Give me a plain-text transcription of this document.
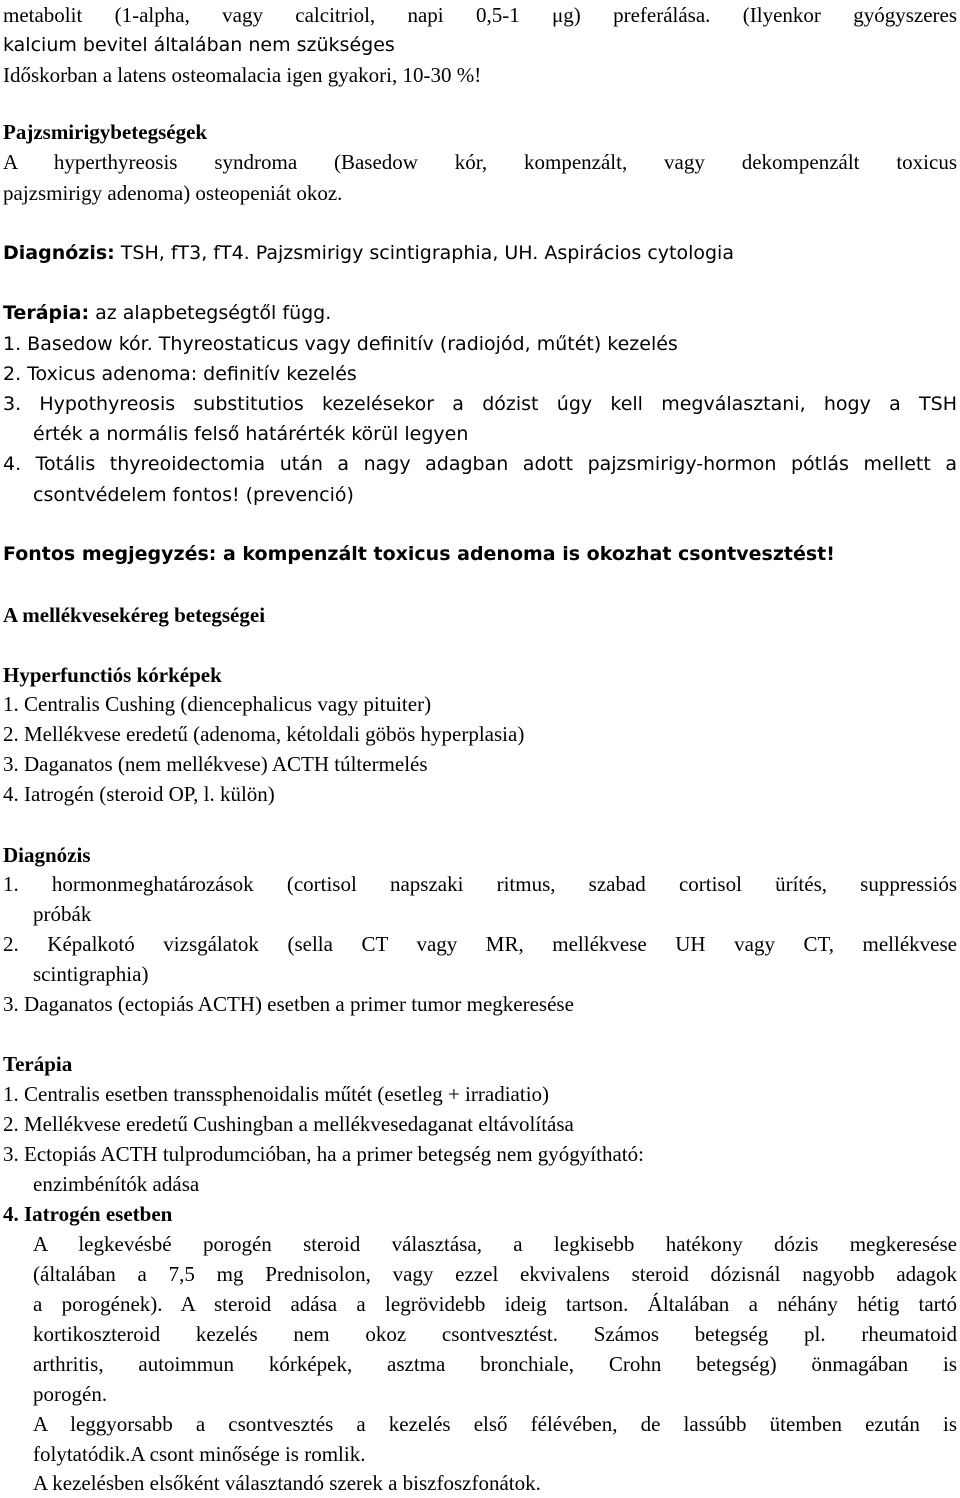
metabolit (1-alpha, vagy calcitriol, napi 0,5-1 μg) preferálása. (Ilyenkor gyógyszeres
kalcium bevitel általában nem szükséges
Időskorban a latens osteomalacia igen gyakori, 10-30 %!
Pajzsmirigybetegségek
A hyperthyreosis syndroma (Basedow kór, kompenzált, vagy dekompenzált toxicus
pajzsmirigy adenoma) osteopeniát okoz.
Diagnózis: TSH, fT3, fT4. Pajzsmirigy scintigraphia, UH. Aspirácios cytologia
Terápia: az alapbetegségtől függ.
1. Basedow kór. Thyreostaticus vagy definitív (radiojód, műtét) kezelés
2. Toxicus adenoma: definitív kezelés
3. Hypothyreosis substitutios kezelésekor a dózist úgy kell megválasztani, hogy a TSH
érték a normális felső határérték körül legyen
4. Totális thyreoidectomia után a nagy adagban adott pajzsmirigy-hormon pótlás mellett a
csontvédelem fontos! (prevenció)
Fontos megjegyzés: a kompenzált toxicus adenoma is okozhat csontvesztést!
A mellékvesekéreg betegségei
Hyperfunctiós kórképek
1. Centralis Cushing (diencephalicus vagy pituiter)
2. Mellékvese eredetű (adenoma, kétoldali göbös hyperplasia)
3. Daganatos (nem mellékvese) ACTH túltermelés
4. Iatrogén (steroid OP, l. külön)
Diagnózis
1. hormonmeghatározások (cortisol napszaki ritmus, szabad cortisol ürítés, suppressiós
próbák
2. Képalkotó vizsgálatok (sella CT vagy MR, mellékvese UH vagy CT, mellékvese
scintigraphia)
3. Daganatos (ectopiás ACTH) esetben a primer tumor megkeresése
Terápia
1. Centralis esetben transsphenoidalis műtét (esetleg + irradiatio)
2. Mellékvese eredetű Cushingban a mellékvesedaganat eltávolítása
3. Ectopiás ACTH tulprodumcióban, ha a primer betegség nem gyógyítható:
enzimbénítók adása
4. Iatrogén esetben
A legkevésbé porogén steroid választása, a legkisebb hatékony dózis megkeresése
(általában a 7,5 mg Prednisolon, vagy ezzel ekvivalens steroid dózisnál nagyobb adagok
a porogének). A steroid adása a legrövidebb ideig tartson. Általában a néhány hétig tartó
kortikoszteroid kezelés nem okoz csontvesztést. Számos betegség pl. rheumatoid
arthritis, autoimmun kórképek, asztma bronchiale, Crohn betegség) önmagában is
porogén.
A leggyorsabb a csontvesztés a kezelés első félévében, de lassúbb ütemben ezután is
folytatódik.A csont minősége is romlik.
A kezelésben elsőként választandó szerek a biszfoszfonátok.
